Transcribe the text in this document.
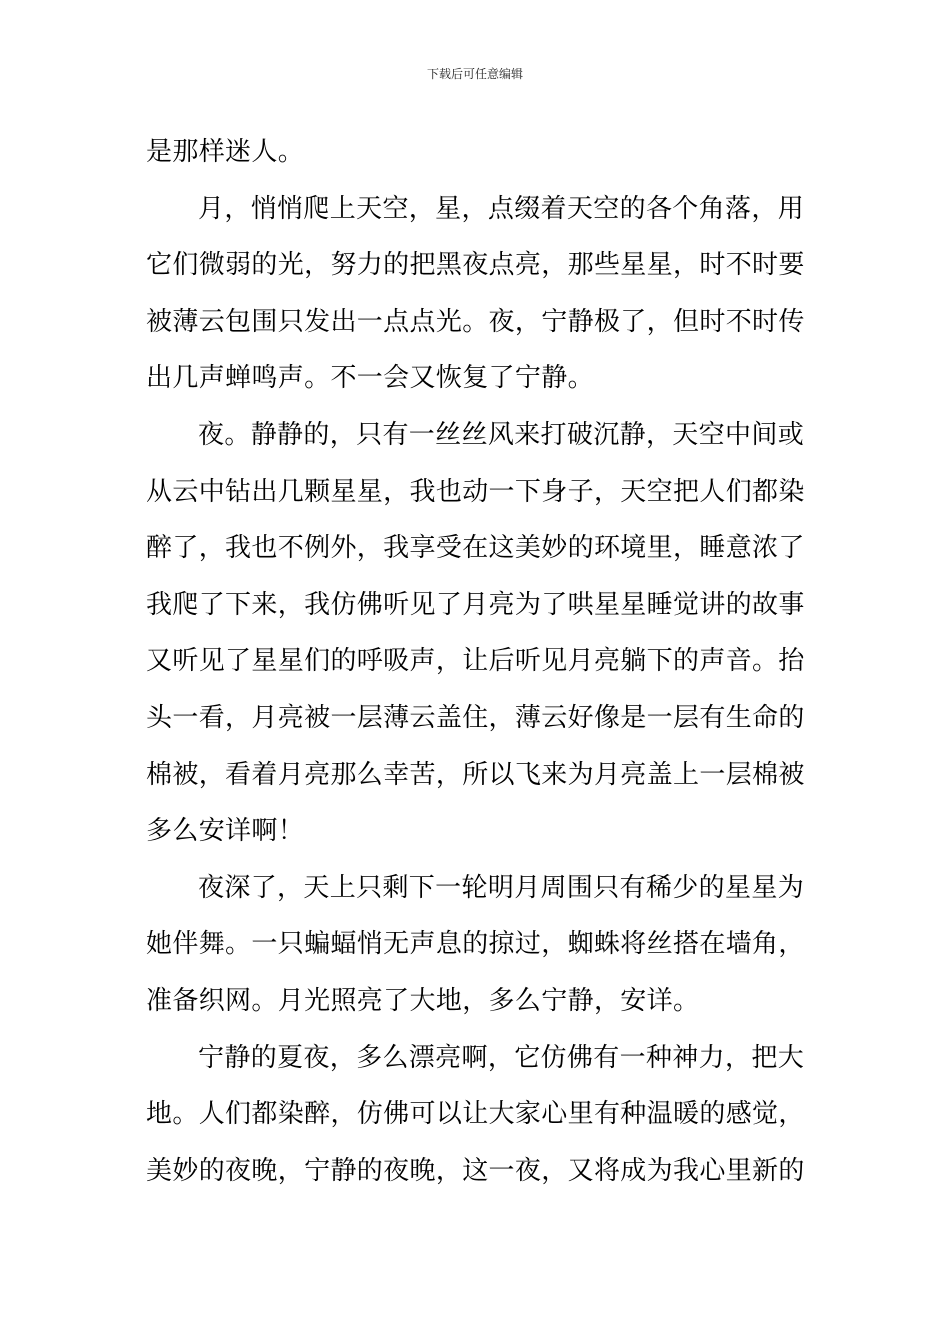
下载后可任意编辑
是那样迷人。
月，悄悄爬上天空，星，点缀着天空的各个角落，用
它们微弱的光，努力的把黑夜点亮，那些星星，时不时要
被薄云包围只发出一点点光。夜，宁静极了，但时不时传
出几声蝉鸣声。不一会又恢复了宁静。
夜。静静的，只有一丝丝风来打破沉静，天空中间或
从云中钻出几颗星星，我也动一下身子，天空把人们都染
醉了，我也不例外，我享受在这美妙的环境里，睡意浓了
我爬了下来，我仿佛听见了月亮为了哄星星睡觉讲的故事
又听见了星星们的呼吸声，让后听见月亮躺下的声音。抬
头一看，月亮被一层薄云盖住，薄云好像是一层有生命的
棉被，看着月亮那么幸苦，所以飞来为月亮盖上一层棉被
多么安详啊！
夜深了，天上只剩下一轮明月周围只有稀少的星星为
她伴舞。一只蝙蝠悄无声息的掠过，蜘蛛将丝搭在墙角，
准备织网。月光照亮了大地，多么宁静，安详。
宁静的夏夜，多么漂亮啊，它仿佛有一种神力，把大
地。人们都染醉，仿佛可以让大家心里有种温暖的感觉，
美妙的夜晚，宁静的夜晚，这一夜，又将成为我心里新的
